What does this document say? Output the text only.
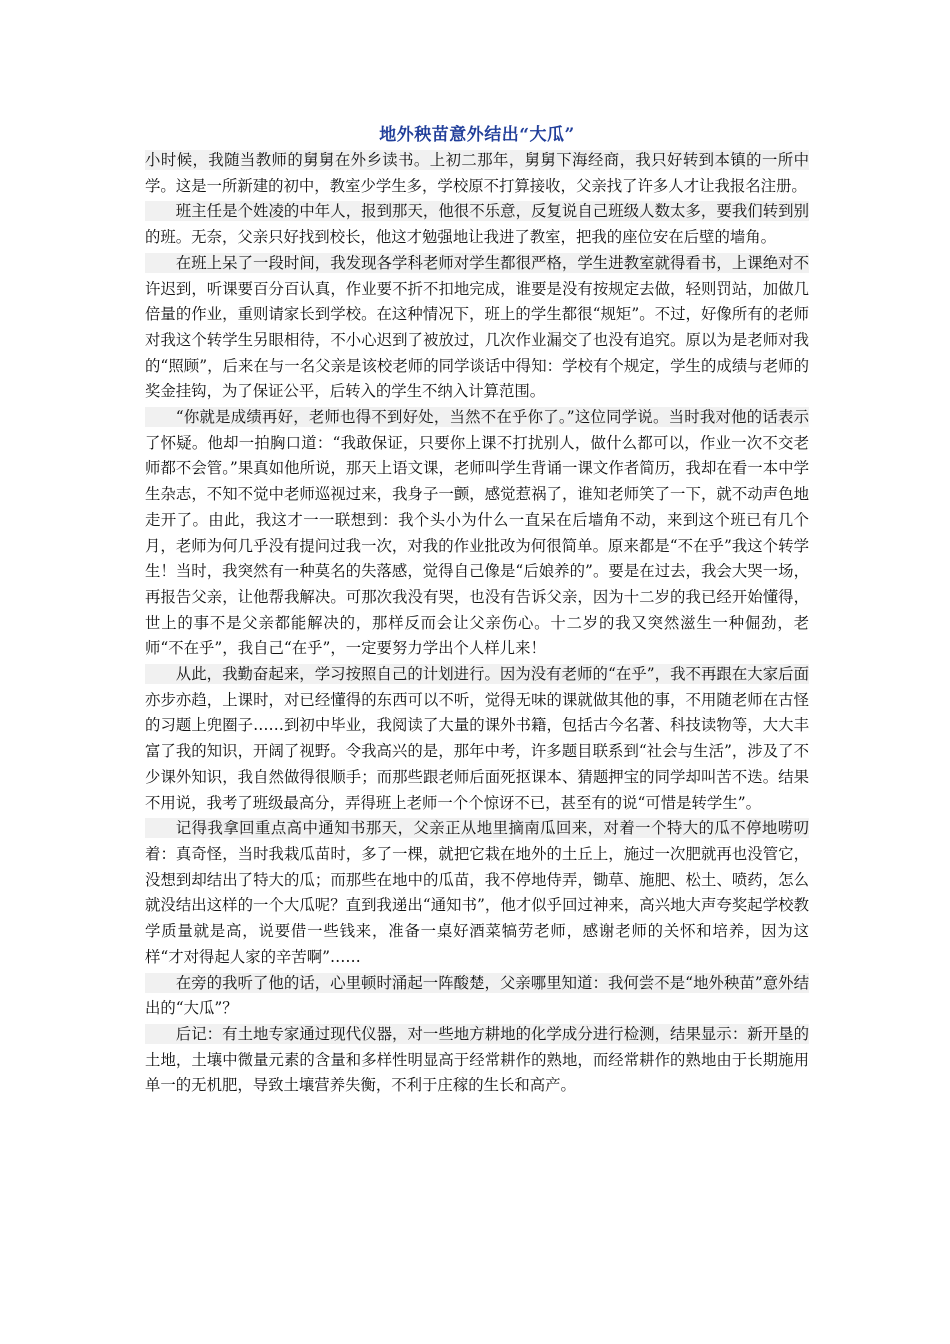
地外秧苗意外结出“大瓜”

小时候，我随当教师的舅舅在外乡读书。上初二那年，舅舅下海经商，我只好转到本镇的一所中学。这是一所新建的初中，教室少学生多，学校原不打算接收，父亲找了许多人才让我报名注册。

班主任是个姓凌的中年人，报到那天，他很不乐意，反复说自己班级人数太多，要我们转到别的班。无奈，父亲只好找到校长，他这才勉强地让我进了教室，把我的座位安在后壁的墙角。

在班上呆了一段时间，我发现各学科老师对学生都很严格，学生进教室就得看书，上课绝对不许迟到，听课要百分百认真，作业要不折不扣地完成，谁要是没有按规定去做，轻则罚站，加做几倍量的作业，重则请家长到学校。在这种情况下，班上的学生都很“规矩”。不过，好像所有的老师对我这个转学生另眼相待，不小心迟到了被放过，几次作业漏交了也没有追究。原以为是老师对我的“照顾”，后来在与一名父亲是该校老师的同学谈话中得知：学校有个规定，学生的成绩与老师的奖金挂钩，为了保证公平，后转入的学生不纳入计算范围。

“你就是成绩再好，老师也得不到好处，当然不在乎你了。”这位同学说。当时我对他的话表示了怀疑。他却一拍胸口道：“我敢保证，只要你上课不打扰别人，做什么都可以，作业一次不交老师都不会管。”果真如他所说，那天上语文课，老师叫学生背诵一课文作者简历，我却在看一本中学生杂志，不知不觉中老师巡视过来，我身子一颤，感觉惹祸了，谁知老师笑了一下，就不动声色地走开了。由此，我这才一一联想到：我个头小为什么一直呆在后墙角不动，来到这个班已有几个月，老师为何几乎没有提问过我一次，对我的作业批改为何很简单。原来都是“不在乎”我这个转学生！当时，我突然有一种莫名的失落感，觉得自己像是“后娘养的”。要是在过去，我会大哭一场，再报告父亲，让他帮我解决。可那次我没有哭，也没有告诉父亲，因为十二岁的我已经开始懂得，世上的事不是父亲都能解决的，那样反而会让父亲伤心。十二岁的我又突然滋生一种倔劲，老师“不在乎”，我自己“在乎”，一定要努力学出个人样儿来！

从此，我勤奋起来，学习按照自己的计划进行。因为没有老师的“在乎”，我不再跟在大家后面亦步亦趋，上课时，对已经懂得的东西可以不听，觉得无味的课就做其他的事，不用随老师在古怪的习题上兜圈子……到初中毕业，我阅读了大量的课外书籍，包括古今名著、科技读物等，大大丰富了我的知识，开阔了视野。令我高兴的是，那年中考，许多题目联系到“社会与生活”，涉及了不少课外知识，我自然做得很顺手；而那些跟老师后面死抠课本、猜题押宝的同学却叫苦不迭。结果不用说，我考了班级最高分，弄得班上老师一个个惊讶不已，甚至有的说“可惜是转学生”。

记得我拿回重点高中通知书那天，父亲正从地里摘南瓜回来，对着一个特大的瓜不停地唠叨着：真奇怪，当时我栽瓜苗时，多了一棵，就把它栽在地外的土丘上，施过一次肥就再也没管它，没想到却结出了特大的瓜；而那些在地中的瓜苗，我不停地侍弄，锄草、施肥、松土、喷药，怎么就没结出这样的一个大瓜呢？直到我递出“通知书”，他才似乎回过神来，高兴地大声夸奖起学校教学质量就是高，说要借一些钱来，准备一桌好酒菜犒劳老师，感谢老师的关怀和培养，因为这样“才对得起人家的辛苦啊”……

在旁的我听了他的话，心里顿时涌起一阵酸楚，父亲哪里知道：我何尝不是“地外秧苗”意外结出的“大瓜”？

后记：有土地专家通过现代仪器，对一些地方耕地的化学成分进行检测，结果显示：新开垦的土地，土壤中微量元素的含量和多样性明显高于经常耕作的熟地，而经常耕作的熟地由于长期施用单一的无机肥，导致土壤营养失衡，不利于庄稼的生长和高产。
